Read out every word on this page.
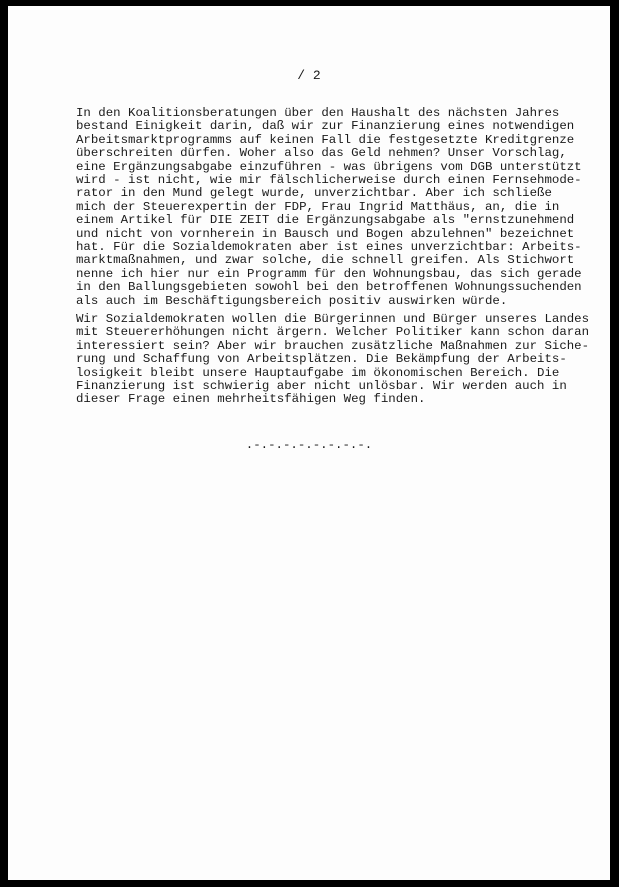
/ 2
In den Koalitionsberatungen über den Haushalt des nächsten Jahres
bestand Einigkeit darin, daß wir zur Finanzierung eines notwendigen
Arbeitsmarktprogramms auf keinen Fall die festgesetzte Kreditgrenze
überschreiten dürfen. Woher also das Geld nehmen? Unser Vorschlag,
eine Ergänzungsabgabe einzuführen - was übrigens vom DGB unterstützt
wird - ist nicht, wie mir fälschlicherweise durch einen Fernsehmode-
rator in den Mund gelegt wurde, unverzichtbar. Aber ich schließe
mich der Steuerexpertin der FDP, Frau Ingrid Matthäus, an, die in
einem Artikel für DIE ZEIT die Ergänzungsabgabe als "ernstzunehmend
und nicht von vornherein in Bausch und Bogen abzulehnen" bezeichnet
hat. Für die Sozialdemokraten aber ist eines unverzichtbar: Arbeits-
marktmaßnahmen, und zwar solche, die schnell greifen. Als Stichwort
nenne ich hier nur ein Programm für den Wohnungsbau, das sich gerade
in den Ballungsgebieten sowohl bei den betroffenen Wohnungssuchenden
als auch im Beschäftigungsbereich positiv auswirken würde.
Wir Sozialdemokraten wollen die Bürgerinnen und Bürger unseres Landes
mit Steuererhöhungen nicht ärgern. Welcher Politiker kann schon daran
interessiert sein? Aber wir brauchen zusätzliche Maßnahmen zur Siche-
rung und Schaffung von Arbeitsplätzen. Die Bekämpfung der Arbeits-
losigkeit bleibt unsere Hauptaufgabe im ökonomischen Bereich. Die
Finanzierung ist schwierig aber nicht unlösbar. Wir werden auch in
dieser Frage einen mehrheitsfähigen Weg finden.
.-.-.-.-.-.-.-.-.
